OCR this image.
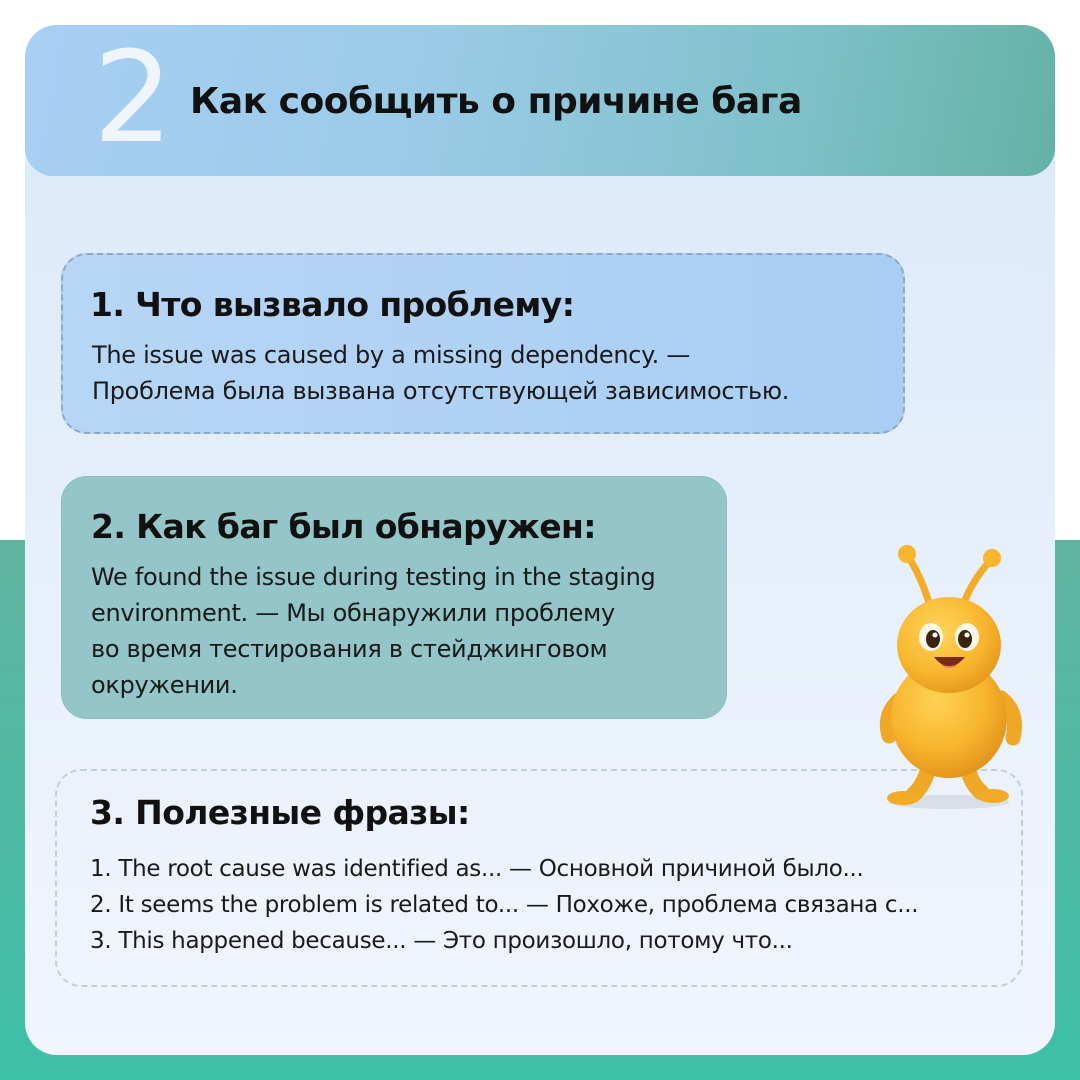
2 Как сообщить о причине бага
1. Что вызвало проблему:
The issue was caused by a missing dependency. —
Проблема была вызвана отсутствующей зависимостью.
2. Как баг был обнаружен:
We found the issue during testing in the staging
environment. — Мы обнаружили проблему
во время тестирования в стейджинговом
окружении.
3. Полезные фразы:
1. The root cause was identified as... — Основной причиной было...
2. It seems the problem is related to... — Похоже, проблема связана с...
3. This happened because... — Это произошло, потому что...
